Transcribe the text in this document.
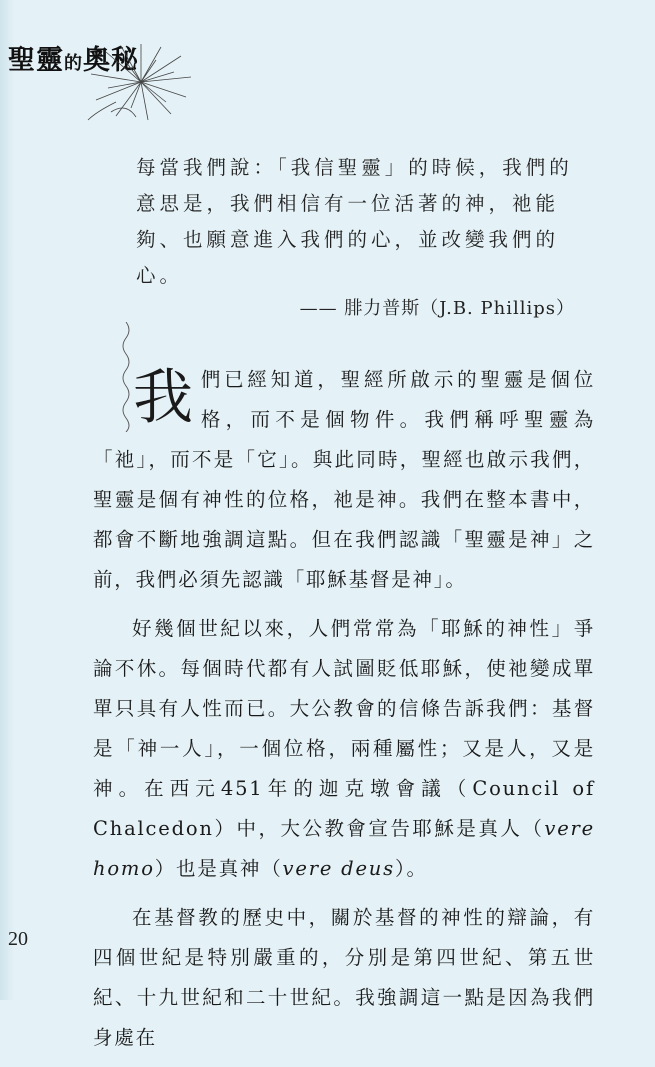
聖靈的奧秘

每當我們說：「我信聖靈」的時候，我們的

意思是，我們相信有一位活著的神，祂能

夠、也願意進入我們的心，並改變我們的

心。

—— 腓力普斯（J.B. Phillips）

我們已經知道，聖經所啟示的聖靈是個位格，而不是個物件。我們稱呼聖靈為「祂」，而不是「它」。與此同時，聖經也啟示我們，聖靈是個有神性的位格，祂是神。我們在整本書中，都會不斷地強調這點。但在我們認識「聖靈是神」之前，我們必須先認識「耶穌基督是神」。

好幾個世紀以來，人們常常為「耶穌的神性」爭論不休。每個時代都有人試圖貶低耶穌，使祂變成單單只具有人性而已。大公教會的信條告訴我們：基督是「神一人」，一個位格，兩種屬性；又是人，又是神。在西元451年的迦克墩會議（Council of Chalcedon）中，大公教會宣告耶穌是真人（vere homo）也是真神（vere deus）。

在基督教的歷史中，關於基督的神性的辯論，有四個世紀是特別嚴重的，分別是第四世紀、第五世紀、十九世紀和二十世紀。我強調這一點是因為我們身處在

20
